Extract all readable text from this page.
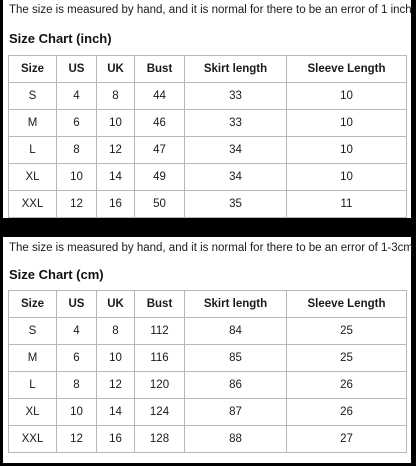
The size is measured by hand, and it is normal for there to be an error of 1 inch
Size Chart (inch)
Size	US	UK	Bust	Skirt length	Sleeve Length
S	4	8	44	33	10
M	6	10	46	33	10
L	8	12	47	34	10
XL	10	14	49	34	10
XXL	12	16	50	35	11
The size is measured by hand, and it is normal for there to be an error of 1-3cm
Size Chart (cm)
Size	US	UK	Bust	Skirt length	Sleeve Length
S	4	8	112	84	25
M	6	10	116	85	25
L	8	12	120	86	26
XL	10	14	124	87	26
XXL	12	16	128	88	27
